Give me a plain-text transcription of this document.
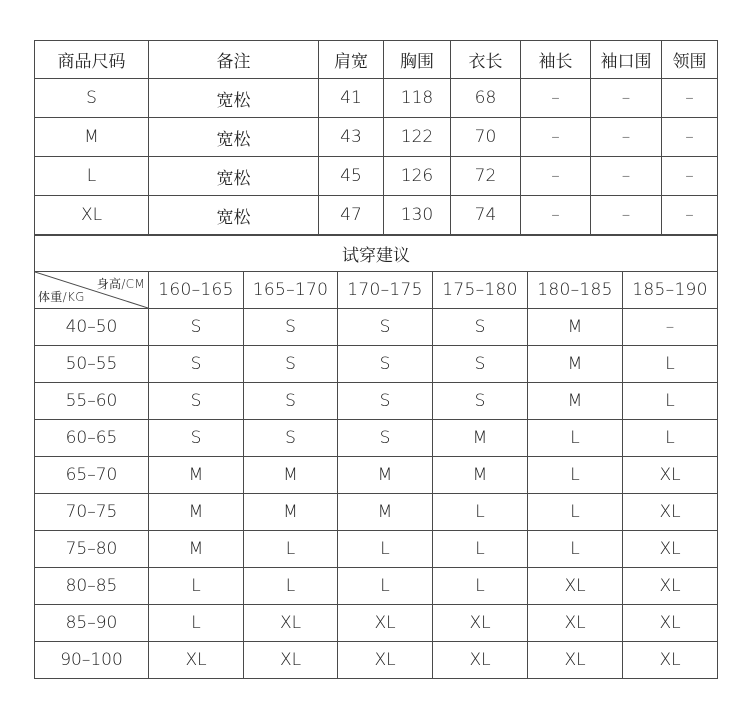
商品尺码	备注	肩宽	胸围	衣长	袖长	袖口围	领围
S	宽松	41	118	68	–	–	–
M	宽松	43	122	70	–	–	–
L	宽松	45	126	72	–	–	–
XL	宽松	47	130	74	–	–	–
试穿建议						

身高/CM
体重/KG	160–165	165–170	170–175	175–180	180–185	185–190
40–50	S	S	S	S	M	–
50–55	S	S	S	S	M	L
55–60	S	S	S	S	M	L
60–65	S	S	S	M	L	L
65–70	M	M	M	M	L	XL
70–75	M	M	M	L	L	XL
75–80	M	L	L	L	L	XL
80–85	L	L	L	L	XL	XL
85–90	L	XL	XL	XL	XL	XL
90–100	XL	XL	XL	XL	XL	XL
